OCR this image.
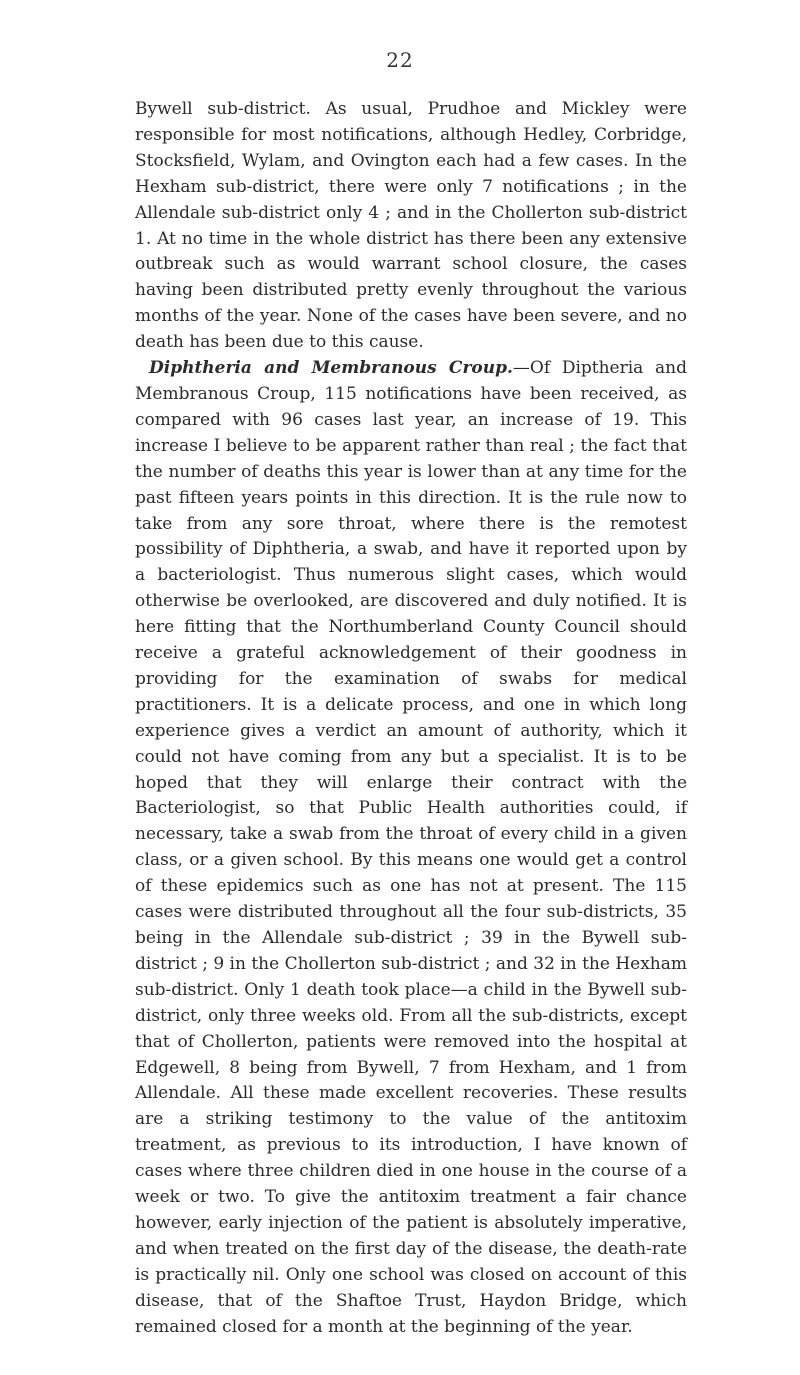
22

Bywell sub-district. As usual, Prudhoe and Mickley were responsible for most notifications, although Hedley, Corbridge, Stocksfield, Wylam, and Ovington each had a few cases. In the Hexham sub-district, there were only 7 notifications ; in the Allendale sub-district only 4 ; and in the Chollerton sub-district 1. At no time in the whole district has there been any extensive outbreak such as would warrant school closure, the cases having been distributed pretty evenly throughout the various months of the year. None of the cases have been severe, and no death has been due to this cause.

Diphtheria and Membranous Croup.—Of Diptheria and Membranous Croup, 115 notifications have been received, as compared with 96 cases last year, an increase of 19. This increase I believe to be apparent rather than real ; the fact that the number of deaths this year is lower than at any time for the past fifteen years points in this direction. It is the rule now to take from any sore throat, where there is the remotest possibility of Diphtheria, a swab, and have it reported upon by a bacteriologist. Thus numerous slight cases, which would otherwise be overlooked, are discovered and duly notified. It is here fitting that the Northumberland County Council should receive a grateful acknowledgement of their goodness in providing for the examination of swabs for medical practitioners. It is a delicate process, and one in which long experience gives a verdict an amount of authority, which it could not have coming from any but a specialist. It is to be hoped that they will enlarge their contract with the Bacteriologist, so that Public Health authorities could, if necessary, take a swab from the throat of every child in a given class, or a given school. By this means one would get a control of these epidemics such as one has not at present. The 115 cases were distributed throughout all the four sub-districts, 35 being in the Allendale sub-district ; 39 in the Bywell sub-district ; 9 in the Chollerton sub-district ; and 32 in the Hexham sub-district. Only 1 death took place—a child in the Bywell sub-district, only three weeks old. From all the sub-districts, except that of Chollerton, patients were removed into the hospital at Edgewell, 8 being from Bywell, 7 from Hexham, and 1 from Allendale. All these made excellent recoveries. These results are a striking testimony to the value of the antitoxim treatment, as previous to its introduction, I have known of cases where three children died in one house in the course of a week or two. To give the antitoxim treatment a fair chance however, early injection of the patient is absolutely imperative, and when treated on the first day of the disease, the death-rate is practically nil. Only one school was closed on account of this disease, that of the Shaftoe Trust, Haydon Bridge, which remained closed for a month at the beginning of the year.
